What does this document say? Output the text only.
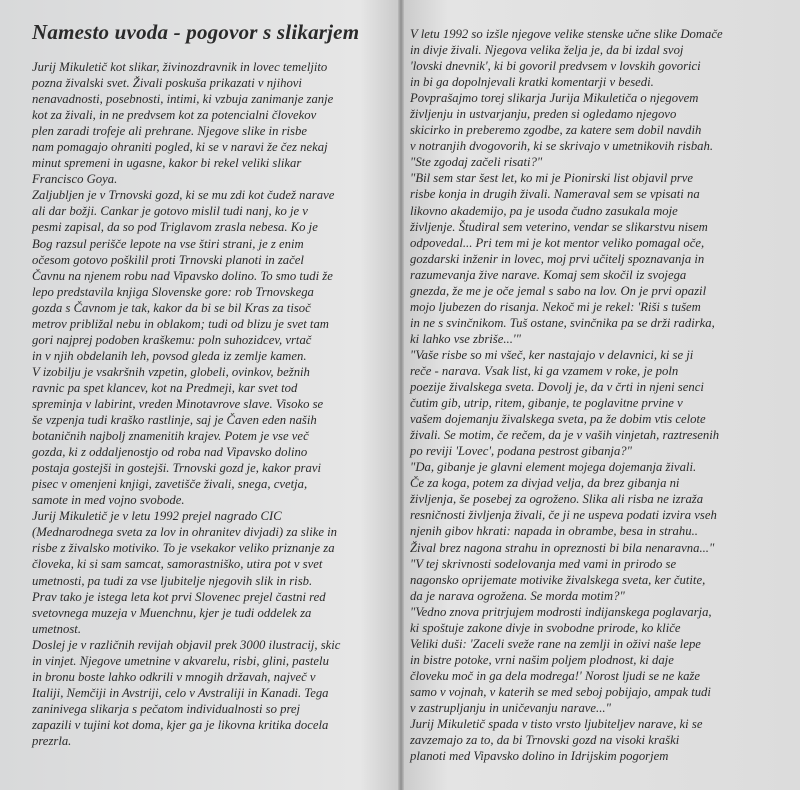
Namesto uvoda - pogovor s slikarjem

Jurij Mikuletič kot slikar, živinozdravnik in lovec temeljito
pozna živalski svet. Živali poskuša prikazati v njihovi
nenavadnosti, posebnosti, intimi, ki vzbuja zanimanje zanje
kot za živali, in ne predvsem kot za potencialni človekov
plen zaradi trofeje ali prehrane. Njegove slike in risbe
nam pomagajo ohraniti pogled, ki se v naravi že čez nekaj
minut spremeni in ugasne, kakor bi rekel veliki slikar
Francisco Goya.

Zaljubljen je v Trnovski gozd, ki se mu zdi kot čudež narave
ali dar božji. Cankar je gotovo mislil tudi nanj, ko je v
pesmi zapisal, da so pod Triglavom zrasla nebesa. Ko je
Bog razsul perišče lepote na vse štiri strani, je z enim
očesom gotovo poškilil proti Trnovski planoti in začel
Čavnu na njenem robu nad Vipavsko dolino. To smo tudi že
lepo predstavila knjiga Slovenske gore: rob Trnovskega
gozda s Čavnom je tak, kakor da bi se bil Kras za tisoč
metrov približal nebu in oblakom; tudi od blizu je svet tam
gori najprej podoben kraškemu: poln suhozidcev, vrtač
in v njih obdelanih leh, povsod gleda iz zemlje kamen.

V izobilju je vsakršnih vzpetin, globeli, ovinkov, bežnih
ravnic pa spet klancev, kot na Predmeji, kar svet tod
spreminja v labirint, vreden Minotavrove slave. Visoko se
še vzpenja tudi kraško rastlinje, saj je Čaven eden naših
botaničnih najbolj znamenitih krajev. Potem je vse več
gozda, ki z oddaljenostjo od roba nad Vipavsko dolino
postaja gostejši in gostejši. Trnovski gozd je, kakor pravi
pisec v omenjeni knjigi, zavetišče živali, snega, cvetja,
samote in med vojno svobode.

Jurij Mikuletič je v letu 1992 prejel nagrado CIC
(Mednarodnega sveta za lov in ohranitev divjadi) za slike in
risbe z živalsko motiviko. To je vsekakor veliko priznanje za
človeka, ki si sam samcat, samorastniško, utira pot v svet
umetnosti, pa tudi za vse ljubitelje njegovih slik in risb.
Prav tako je istega leta kot prvi Slovenec prejel častni red
svetovnega muzeja v Muenchnu, kjer je tudi oddelek za
umetnost.

Doslej je v različnih revijah objavil prek 3000 ilustracij, skic
in vinjet. Njegove umetnine v akvarelu, risbi, glini, pastelu
in bronu boste lahko odkrili v mnogih državah, največ v
Italiji, Nemčiji in Avstriji, celo v Avstraliji in Kanadi. Tega
zaninivega slikarja s pečatom individualnosti so prej
zapazili v tujini kot doma, kjer ga je likovna kritika docela
prezrla.

V letu 1992 so izšle njegove velike stenske učne slike Domače
in divje živali. Njegova velika želja je, da bi izdal svoj
'lovski dnevnik', ki bi govoril predvsem v lovskih govorici
in bi ga dopolnjevali kratki komentarji v besedi.
Povprašajmo torej slikarja Jurija Mikuletiča o njegovem
življenju in ustvarjanju, preden si ogledamo njegovo
skicirko in preberemo zgodbe, za katere sem dobil navdih
v notranjih dvogovorih, ki se skrivajo v umetnikovih risbah.

"Ste zgodaj začeli risati?"

"Bil sem star šest let, ko mi je Pionirski list objavil prve
risbe konja in drugih živali. Nameraval sem se vpisati na
likovno akademijo, pa je usoda čudno zasukala moje
življenje. Študiral sem veterino, vendar se slikarstvu nisem
odpovedal... Pri tem mi je kot mentor veliko pomagal oče,
gozdarski inženir in lovec, moj prvi učitelj spoznavanja in
razumevanja žive narave. Komaj sem skočil iz svojega
gnezda, že me je oče jemal s sabo na lov. On je prvi opazil
mojo ljubezen do risanja. Nekoč mi je rekel: 'Riši s tušem
in ne s svinčnikom. Tuš ostane, svinčnika pa se drži radirka,
ki lahko vse zbriše...'"

"Vaše risbe so mi všeč, ker nastajajo v delavnici, ki se ji
reče - narava. Vsak list, ki ga vzamem v roke, je poln
poezije živalskega sveta. Dovolj je, da v črti in njeni senci
čutim gib, utrip, ritem, gibanje, te poglavitne prvine v
vašem dojemanju živalskega sveta, pa že dobim vtis celote
živali. Se motim, če rečem, da je v vaših vinjetah, raztresenih
po reviji 'Lovec', podana pestrost gibanja?"

"Da, gibanje je glavni element mojega dojemanja živali.
Če za koga, potem za divjad velja, da brez gibanja ni
življenja, še posebej za ogroženo. Slika ali risba ne izraža
resničnosti življenja živali, če ji ne uspeva podati izvira vseh
njenih gibov hkrati: napada in obrambe, besa in strahu..
Žival brez nagona strahu in opreznosti bi bila nenaravna..."

"V tej skrivnosti sodelovanja med vami in prirodo se
nagonsko oprijemate motivike živalskega sveta, ker čutite,
da je narava ogrožena. Se morda motim?"

"Vedno znova pritrjujem modrosti indijanskega poglavarja,
ki spoštuje zakone divje in svobodne prirode, ko kliče
Veliki duši: 'Zaceli sveže rane na zemlji in oživi naše lepe
in bistre potoke, vrni našim poljem plodnost, ki daje
človeku moč in ga dela modrega!' Norost ljudi se ne kaže
samo v vojnah, v katerih se med seboj pobijajo, ampak tudi
v zastrupljanju in uničevanju narave..."

Jurij Mikuletič spada v tisto vrsto ljubiteljev narave, ki se
zavzemajo za to, da bi Trnovski gozd na visoki kraški
planoti med Vipavsko dolino in Idrijskim pogorjem
